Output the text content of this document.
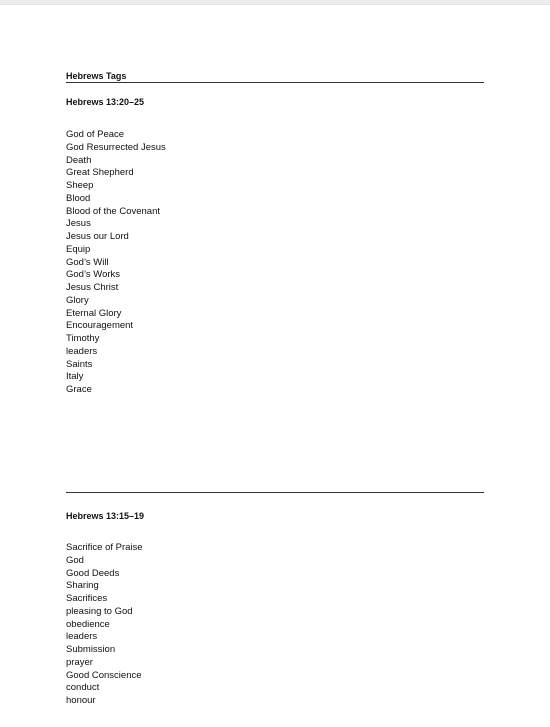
Hebrews Tags
Hebrews 13:20–25
God of Peace
God Resurrected Jesus
Death
Great Shepherd
Sheep
Blood
Blood of the Covenant
Jesus
Jesus our Lord
Equip
God’s Will
God’s Works
Jesus Christ
Glory
Eternal Glory
Encouragement
Timothy
leaders
Saints
Italy
Grace
Hebrews 13:15–19
Sacrifice of Praise
God
Good Deeds
Sharing
Sacrifices
pleasing to God
obedience
leaders
Submission
prayer
Good Conscience
conduct
honour
